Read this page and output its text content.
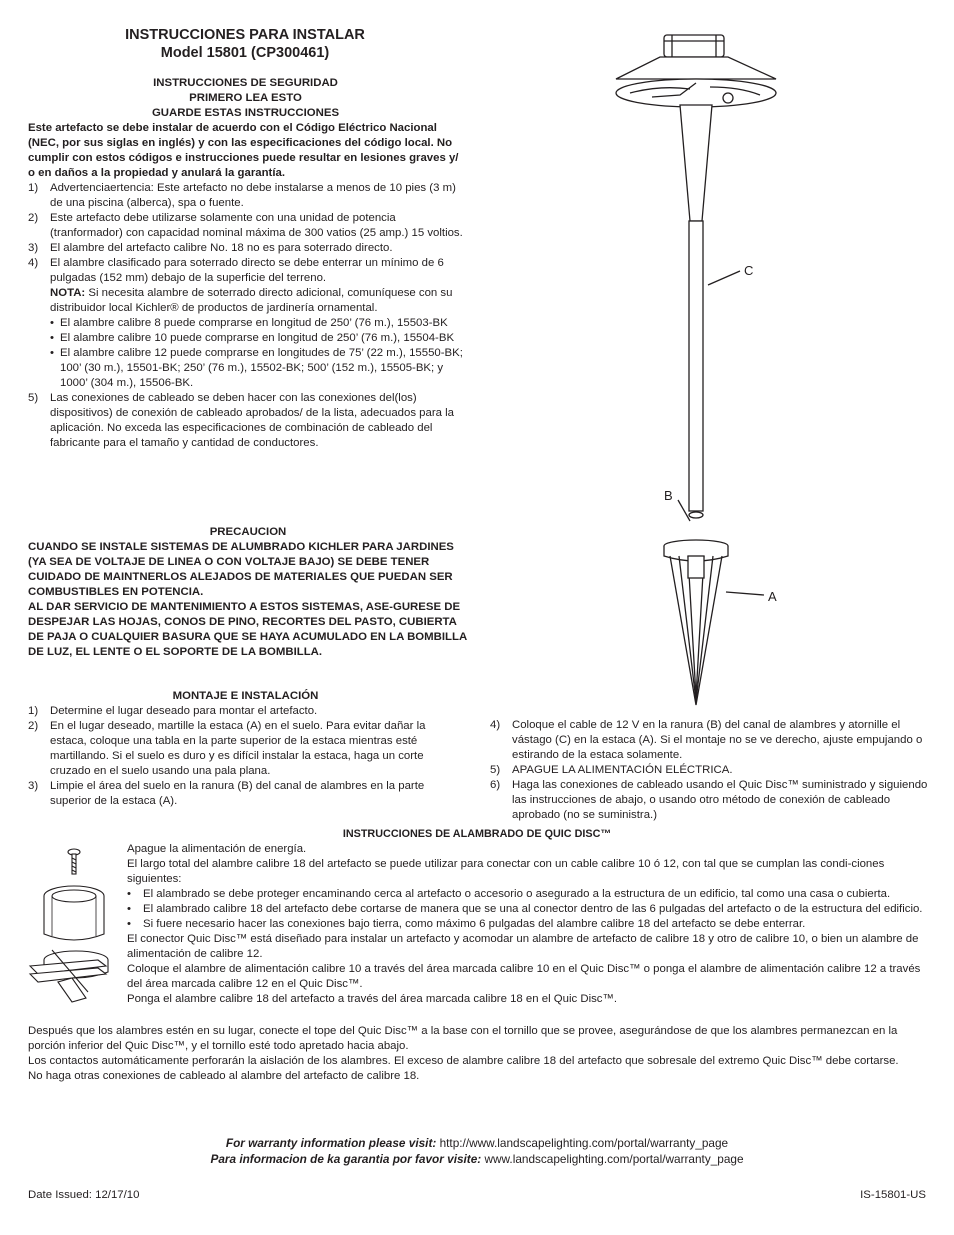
INSTRUCCIONES PARA INSTALAR
Model 15801 (CP300461)
INSTRUCCIONES DE SEGURIDAD
PRIMERO LEA ESTO
GUARDE ESTAS INSTRUCCIONES
Este artefacto se debe instalar de acuerdo con el Código Eléctrico Nacional (NEC, por sus siglas en inglés) y con las especificaciones del código local. No cumplir con estos códigos e instrucciones puede resultar en lesiones graves y/ o en daños a la propiedad y anulará la garantía.
1) Advertenciaertencia: Este artefacto no debe instalarse a menos de 10 pies (3 m) de una piscina (alberca), spa o fuente.
2) Este artefacto debe utilizarse solamente con una unidad de potencia (tranformador) con capacidad nominal máxima de 300 vatios (25 amp.) 15 voltios.
3) El alambre del artefacto calibre No. 18 no es para soterrado directo.
4) El alambre clasificado para soterrado directo se debe enterrar un mínimo de 6 pulgadas (152 mm) debajo de la superficie del terreno.
NOTA: Si necesita alambre de soterrado directo adicional, comuníquese con su distribuidor local Kichler® de productos de jardinería ornamental.
• El alambre calibre 8 puede comprarse en longitud de 250’ (76 m.), 15503-BK
• El alambre calibre 10 puede comprarse en longitud de 250’ (76 m.), 15504-BK
• El alambre calibre 12 puede comprarse en longitudes de 75’ (22 m.), 15550-BK; 100’ (30 m.), 15501-BK; 250’ (76 m.), 15502-BK; 500’ (152 m.), 15505-BK; y 1000’ (304 m.), 15506-BK.
5) Las conexiones de cableado se deben hacer con las conexiones del(los) dispositivos) de conexión de cableado aprobados/ de la lista, adecuados para la aplicación. No exceda las especificaciones de combinación de cableado del fabricante para el tamaño y cantidad de conductores.
PRECAUCION
CUANDO SE INSTALE SISTEMAS DE ALUMBRADO KICHLER PARA JARDINES (YA SEA DE VOLTAJE DE LINEA O CON VOLTAJE BAJO) SE DEBE TENER CUIDADO DE MAINTNERLOS ALEJADOS DE MATERIALES QUE PUEDAN SER COMBUSTIBLES EN POTENCIA.
AL DAR SERVICIO DE MANTENIMIENTO A ESTOS SISTEMAS, ASE-GURESE DE DESPEJAR LAS HOJAS, CONOS DE PINO, RECORTES DEL PASTO, CUBIERTA DE PAJA O CUALQUIER BASURA QUE SE HAYA ACUMULADO EN LA BOMBILLA DE LUZ, EL LENTE O EL SOPORTE DE LA BOMBILLA.
MONTAJE E INSTALACIÓN
1) Determine el lugar deseado para montar el artefacto.
2) En el lugar deseado, martille la estaca (A) en el suelo. Para evitar dañar la estaca, coloque una tabla en la parte superior de la estaca mientras esté martillando. Si el suelo es duro y es difícil instalar la estaca, haga un corte cruzado en el suelo usando una pala plana.
3) Limpie el área del suelo en la ranura (B) del canal de alambres en la parte superior de la estaca (A).
4) Coloque el cable de 12 V en la ranura (B) del canal de alambres y atornille el vástago (C) en la estaca (A). Si el montaje no se ve derecho, ajuste empujando o estirando de la estaca solamente.
5) APAGUE LA ALIMENTACIÓN ELÉCTRICA.
6) Haga las conexiones de cableado usando el Quic Disc™ suministrado y siguiendo las instrucciones de abajo, o usando otro método de conexión de cableado aprobado (no se suministra.)
C
B
A
INSTRUCCIONES DE ALAMBRADO DE QUIC DISC™
Apague la alimentación de energía.
El largo total del alambre calibre 18 del artefacto se puede utilizar para conectar con un cable calibre 10 ó 12, con tal que se cumplan las condi-ciones siguientes:
• El alambrado se debe proteger encaminando cerca al artefacto o accesorio o asegurado a la estructura de un edificio, tal como una casa o cubierta.
• El alambrado calibre 18 del artefacto debe cortarse de manera que se una al conector dentro de las 6 pulgadas del artefacto o de la estructura del edificio.
• Si fuere necesario hacer las conexiones bajo tierra, como máximo 6 pulgadas del alambre calibre 18 del artefacto se debe enterrar.
El conector Quic Disc™ está diseñado para instalar un artefacto y acomodar un alambre de artefacto de calibre 18 y otro de calibre 10, o bien un alambre de alimentación de calibre 12.
Coloque el alambre de alimentación calibre 10 a través del área marcada calibre 10 en el Quic Disc™ o ponga el alambre de alimentación calibre 12 a través del área marcada calibre 12 en el Quic Disc™.
Ponga el alambre calibre 18 del artefacto a través del área marcada calibre 18 en el Quic Disc™.
Después que los alambres estén en su lugar, conecte el tope del Quic Disc™ a la base con el tornillo que se provee, asegurándose de que los alambres permanezcan en la porción inferior del Quic Disc™, y el tornillo esté todo apretado hacia abajo.
Los contactos automáticamente perforarán la aislación de los alambres. El exceso de alambre calibre 18 del artefacto que sobresale del extremo Quic Disc™ debe cortarse.
No haga otras conexiones de cableado al alambre del artefacto de calibre 18.
For warranty information please visit: http://www.landscapelighting.com/portal/warranty_page
Para informacion de ka garantia por favor visite: www.landscapelighting.com/portal/warranty_page
Date Issued: 12/17/10	IS-15801-US
